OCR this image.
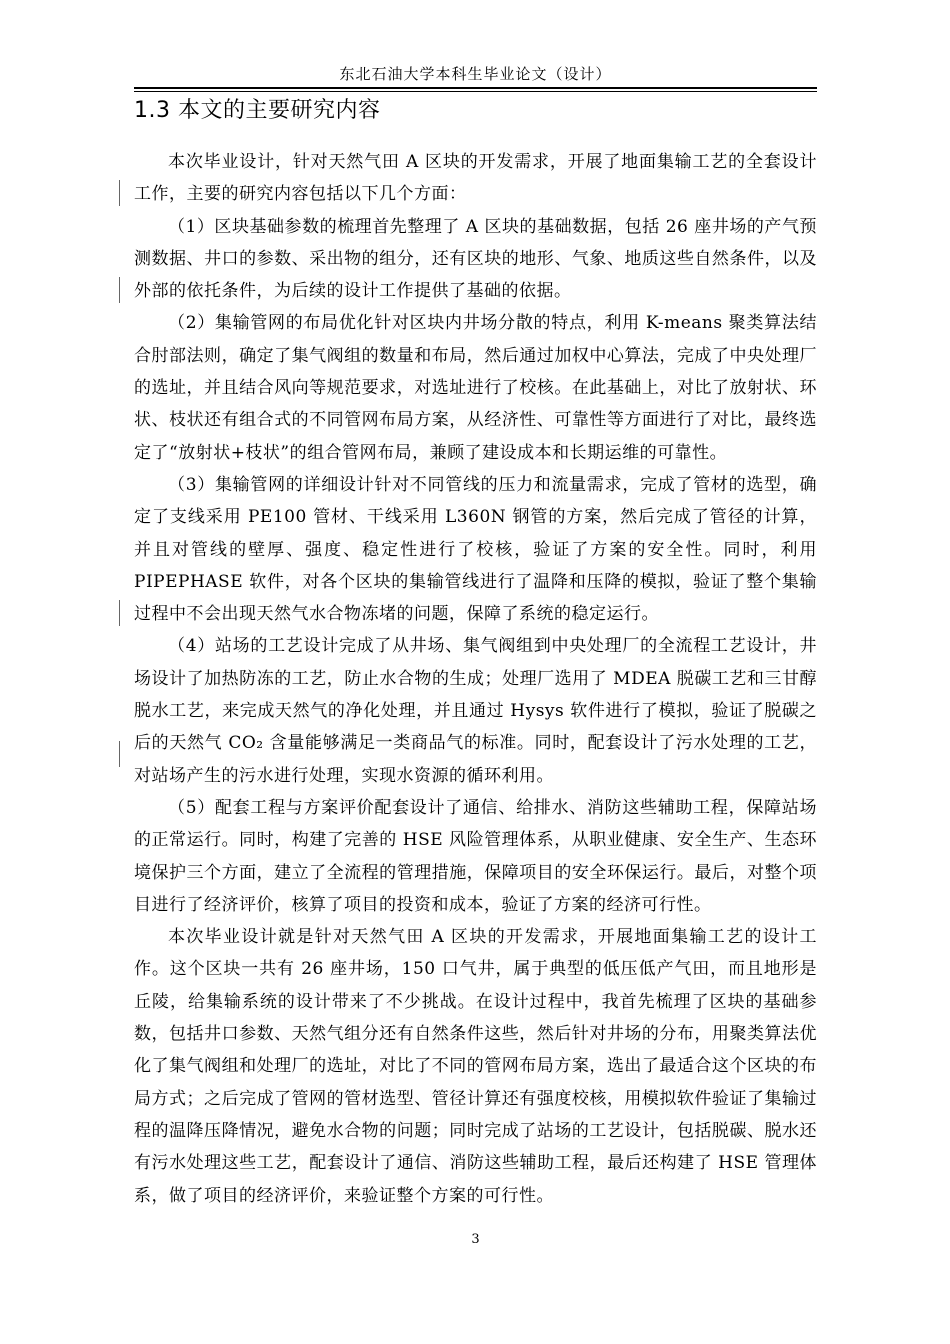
东北石油大学本科生毕业论文（设计）
1.3 本文的主要研究内容

本次毕业设计，针对天然气田 A 区块的开发需求，开展了地面集输工艺的全套设计工作，主要的研究内容包括以下几个方面：

（1）区块基础参数的梳理首先整理了 A 区块的基础数据，包括 26 座井场的产气预测数据、井口的参数、采出物的组分，还有区块的地形、气象、地质这些自然条件，以及外部的依托条件，为后续的设计工作提供了基础的依据。

（2）集输管网的布局优化针对区块内井场分散的特点，利用 K-means 聚类算法结合肘部法则，确定了集气阀组的数量和布局，然后通过加权中心算法，完成了中央处理厂的选址，并且结合风向等规范要求，对选址进行了校核。在此基础上，对比了放射状、环状、枝状还有组合式的不同管网布局方案，从经济性、可靠性等方面进行了对比，最终选定了“放射状+枝状”的组合管网布局，兼顾了建设成本和长期运维的可靠性。

（3）集输管网的详细设计针对不同管线的压力和流量需求，完成了管材的选型，确定了支线采用 PE100 管材、干线采用 L360N 钢管的方案，然后完成了管径的计算，并且对管线的壁厚、强度、稳定性进行了校核，验证了方案的安全性。同时，利用 PIPEPHASE 软件，对各个区块的集输管线进行了温降和压降的模拟，验证了整个集输过程中不会出现天然气水合物冻堵的问题，保障了系统的稳定运行。

（4）站场的工艺设计完成了从井场、集气阀组到中央处理厂的全流程工艺设计，井场设计了加热防冻的工艺，防止水合物的生成；处理厂选用了 MDEA 脱碳工艺和三甘醇脱水工艺，来完成天然气的净化处理，并且通过 Hysys 软件进行了模拟，验证了脱碳之后的天然气 CO₂ 含量能够满足一类商品气的标准。同时，配套设计了污水处理的工艺，对站场产生的污水进行处理，实现水资源的循环利用。

（5）配套工程与方案评价配套设计了通信、给排水、消防这些辅助工程，保障站场的正常运行。同时，构建了完善的 HSE 风险管理体系，从职业健康、安全生产、生态环境保护三个方面，建立了全流程的管理措施，保障项目的安全环保运行。最后，对整个项目进行了经济评价，核算了项目的投资和成本，验证了方案的经济可行性。

本次毕业设计就是针对天然气田 A 区块的开发需求，开展地面集输工艺的设计工作。这个区块一共有 26 座井场，150 口气井，属于典型的低压低产气田，而且地形是丘陵，给集输系统的设计带来了不少挑战。在设计过程中，我首先梳理了区块的基础参数，包括井口参数、天然气组分还有自然条件这些，然后针对井场的分布，用聚类算法优化了集气阀组和处理厂的选址，对比了不同的管网布局方案，选出了最适合这个区块的布局方式；之后完成了管网的管材选型、管径计算还有强度校核，用模拟软件验证了集输过程的温降压降情况，避免水合物的问题；同时完成了站场的工艺设计，包括脱碳、脱水还有污水处理这些工艺，配套设计了通信、消防这些辅助工程，最后还构建了 HSE 管理体系，做了项目的经济评价，来验证整个方案的可行性。

3
